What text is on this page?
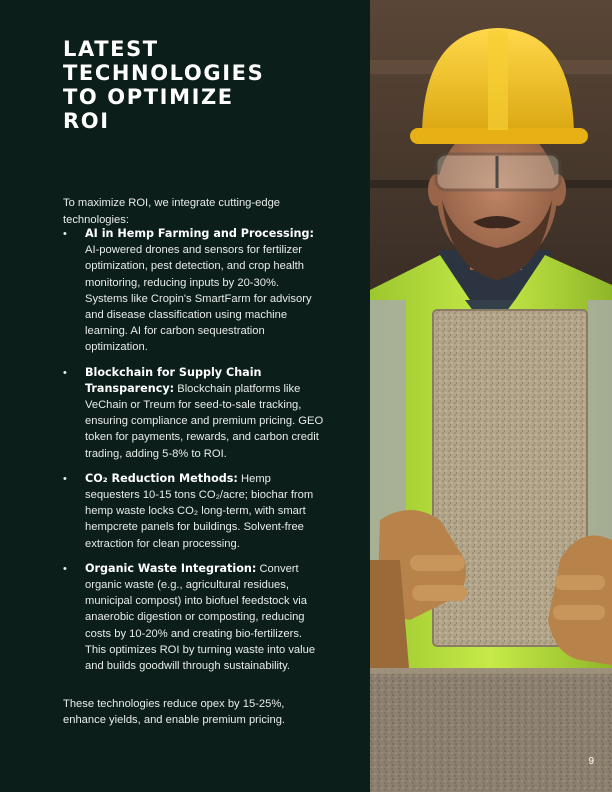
LATEST
TECHNOLOGIES
TO OPTIMIZE
ROI

To maximize ROI, we integrate cutting-edge technologies:

• AI in Hemp Farming and Processing: AI-powered drones and sensors for fertilizer optimization, pest detection, and crop health monitoring, reducing inputs by 20-30%. Systems like Cropin's SmartFarm for advisory and disease classification using machine learning. AI for carbon sequestration optimization.
• Blockchain for Supply Chain Transparency: Blockchain platforms like VeChain or Treum for seed-to-sale tracking, ensuring compliance and premium pricing. GEO token for payments, rewards, and carbon credit trading, adding 5-8% to ROI.
• CO₂ Reduction Methods: Hemp sequesters 10-15 tons CO₂/acre; biochar from hemp waste locks CO₂ long-term, with smart hempcrete panels for buildings. Solvent-free extraction for clean processing.
• Organic Waste Integration: Convert organic waste (e.g., agricultural residues, municipal compost) into biofuel feedstock via anaerobic digestion or composting, reducing costs by 10-20% and creating bio-fertilizers. This optimizes ROI by turning waste into value and builds goodwill through sustainability.

These technologies reduce opex by 15-25%, enhance yields, and enable premium pricing.

9
